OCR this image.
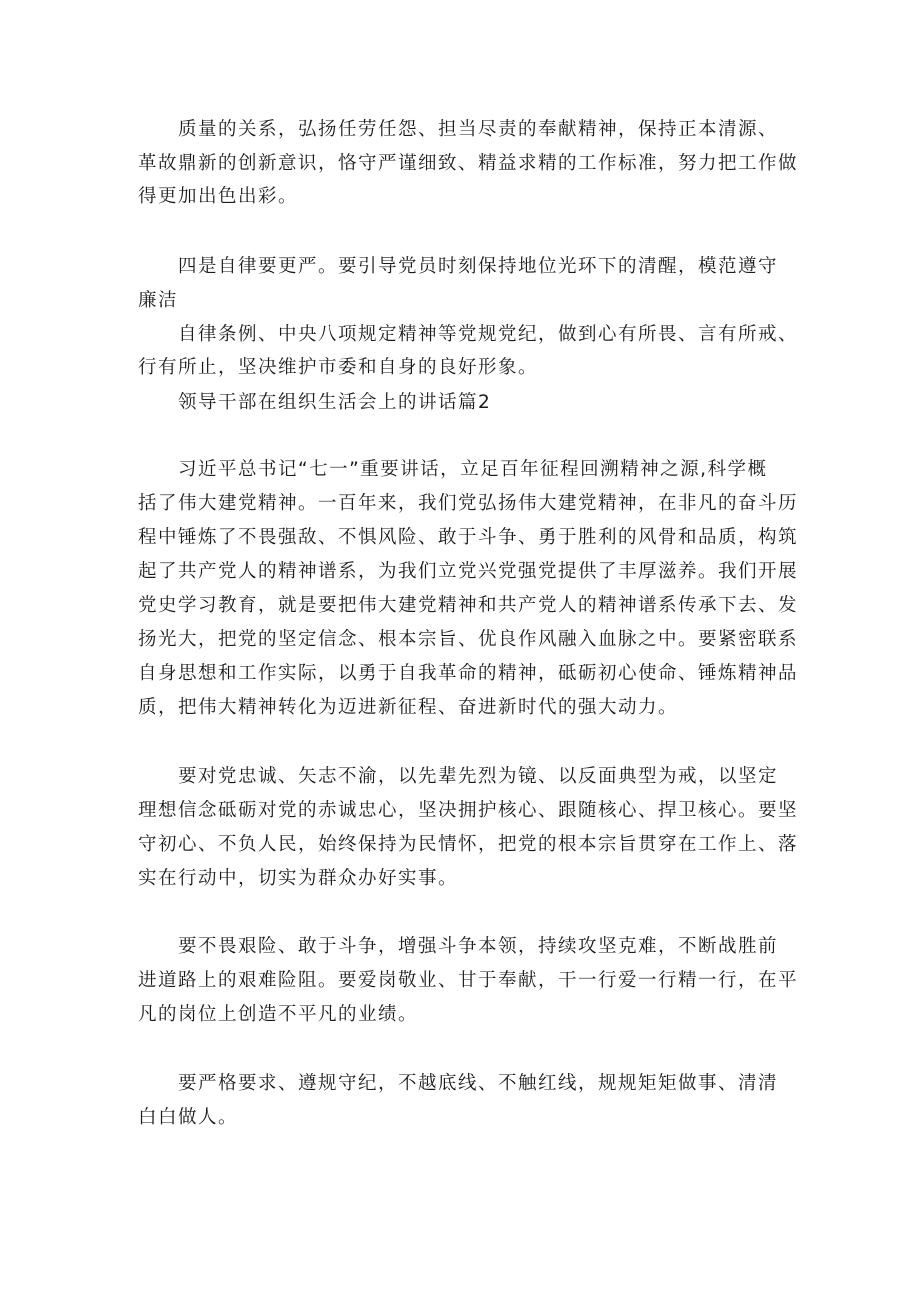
质量的关系，弘扬任劳任怨、担当尽责的奉献精神，保持正本清源、
革故鼎新的创新意识，恪守严谨细致、精益求精的工作标准，努力把工作做
得更加出色出彩。
四是自律要更严。要引导党员时刻保持地位光环下的清醒，模范遵守
廉洁
自律条例、中央八项规定精神等党规党纪，做到心有所畏、言有所戒、
行有所止，坚决维护市委和自身的良好形象。
领导干部在组织生活会上的讲话篇2
习近平总书记“七一”重要讲话，立足百年征程回溯精神之源,科学概
括了伟大建党精神。一百年来，我们党弘扬伟大建党精神，在非凡的奋斗历
程中锤炼了不畏强敌、不惧风险、敢于斗争、勇于胜利的风骨和品质，构筑
起了共产党人的精神谱系，为我们立党兴党强党提供了丰厚滋养。我们开展
党史学习教育，就是要把伟大建党精神和共产党人的精神谱系传承下去、发
扬光大，把党的坚定信念、根本宗旨、优良作风融入血脉之中。要紧密联系
自身思想和工作实际，以勇于自我革命的精神，砥砺初心使命、锤炼精神品
质，把伟大精神转化为迈进新征程、奋进新时代的强大动力。
要对党忠诚、矢志不渝，以先辈先烈为镜、以反面典型为戒，以坚定
理想信念砥砺对党的赤诚忠心，坚决拥护核心、跟随核心、捍卫核心。要坚
守初心、不负人民，始终保持为民情怀，把党的根本宗旨贯穿在工作上、落
实在行动中，切实为群众办好实事。
要不畏艰险、敢于斗争，增强斗争本领，持续攻坚克难，不断战胜前
进道路上的艰难险阻。要爱岗敬业、甘于奉献，干一行爱一行精一行，在平
凡的岗位上创造不平凡的业绩。
要严格要求、遵规守纪，不越底线、不触红线，规规矩矩做事、清清
白白做人。
